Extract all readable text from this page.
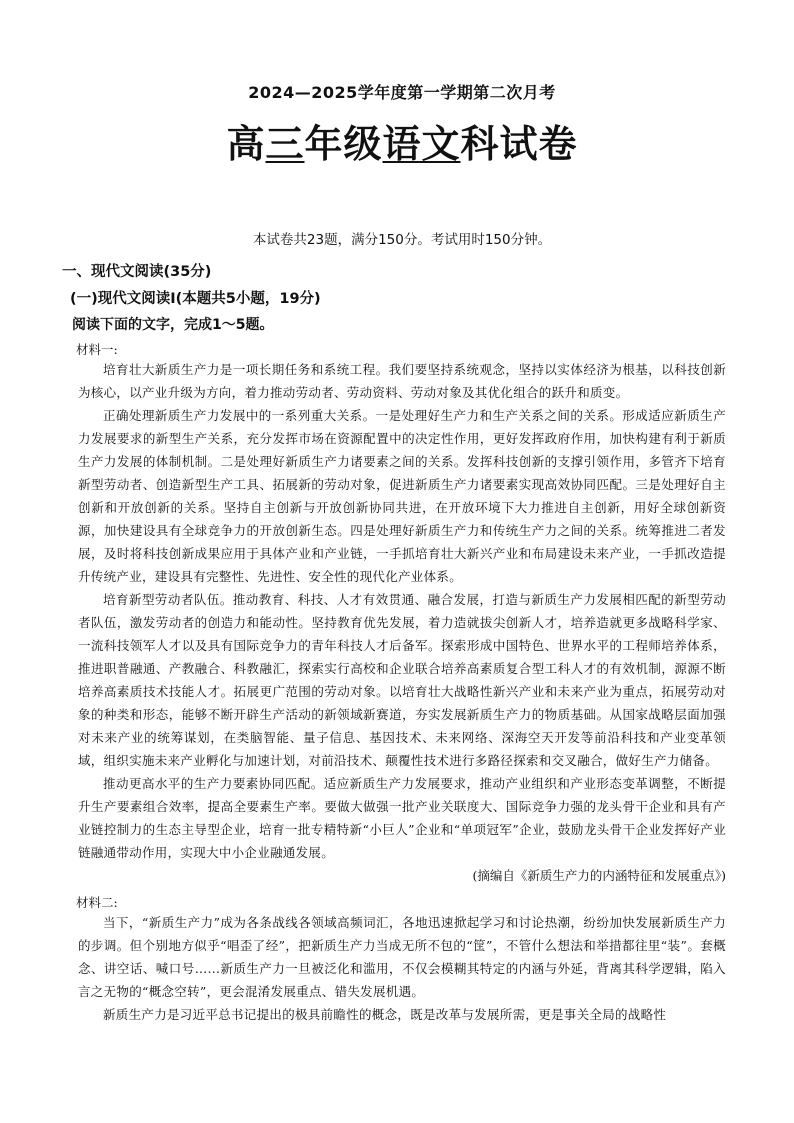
2024—2025学年度第一学期第二次月考
高三年级语文科试卷
本试卷共23题，满分150分。考试用时150分钟。
一、现代文阅读(35分)
(一)现代文阅读Ⅰ(本题共5小题，19分)
阅读下面的文字，完成1～5题。
材料一:

培育壮大新质生产力是一项长期任务和系统工程。我们要坚持系统观念，坚持以实体经济为根基，以科技创新为核心，以产业升级为方向，着力推动劳动者、劳动资料、劳动对象及其优化组合的跃升和质变。

正确处理新质生产力发展中的一系列重大关系。一是处理好生产力和生产关系之间的关系。形成适应新质生产力发展要求的新型生产关系，充分发挥市场在资源配置中的决定性作用，更好发挥政府作用，加快构建有利于新质生产力发展的体制机制。二是处理好新质生产力诸要素之间的关系。发挥科技创新的支撑引领作用，多管齐下培育新型劳动者、创造新型生产工具、拓展新的劳动对象，促进新质生产力诸要素实现高效协同匹配。三是处理好自主创新和开放创新的关系。坚持自主创新与开放创新协同共进，在开放环境下大力推进自主创新，用好全球创新资源，加快建设具有全球竞争力的开放创新生态。四是处理好新质生产力和传统生产力之间的关系。统筹推进二者发展，及时将科技创新成果应用于具体产业和产业链，一手抓培育壮大新兴产业和布局建设未来产业，一手抓改造提升传统产业，建设具有完整性、先进性、安全性的现代化产业体系。

培育新型劳动者队伍。推动教育、科技、人才有效贯通、融合发展，打造与新质生产力发展相匹配的新型劳动者队伍，激发劳动者的创造力和能动性。坚持教育优先发展，着力造就拔尖创新人才，培养造就更多战略科学家、一流科技领军人才以及具有国际竞争力的青年科技人才后备军。探索形成中国特色、世界水平的工程师培养体系，推进职普融通、产教融合、科教融汇，探索实行高校和企业联合培养高素质复合型工科人才的有效机制，源源不断培养高素质技术技能人才。拓展更广范围的劳动对象。以培育壮大战略性新兴产业和未来产业为重点，拓展劳动对象的种类和形态，能够不断开辟生产活动的新领域新赛道，夯实发展新质生产力的物质基础。从国家战略层面加强对未来产业的统筹谋划，在类脑智能、量子信息、基因技术、未来网络、深海空天开发等前沿科技和产业变革领域，组织实施未来产业孵化与加速计划，对前沿技术、颠覆性技术进行多路径探索和交叉融合，做好生产力储备。

推动更高水平的生产力要素协同匹配。适应新质生产力发展要求，推动产业组织和产业形态变革调整，不断提升生产要素组合效率，提高全要素生产率。要做大做强一批产业关联度大、国际竞争力强的龙头骨干企业和具有产业链控制力的生态主导型企业，培育一批专精特新“小巨人”企业和“单项冠军”企业，鼓励龙头骨干企业发挥好产业链融通带动作用，实现大中小企业融通发展。

(摘编自《新质生产力的内涵特征和发展重点》)

材料二:

当下，“新质生产力”成为各条战线各领域高频词汇，各地迅速掀起学习和讨论热潮，纷纷加快发展新质生产力的步调。但个别地方似乎“唱歪了经”，把新质生产力当成无所不包的“筐”，不管什么想法和举措都往里“装”。套概念、讲空话、喊口号……新质生产力一旦被泛化和滥用，不仅会模糊其特定的内涵与外延，背离其科学逻辑，陷入言之无物的“概念空转”，更会混淆发展重点、错失发展机遇。

新质生产力是习近平总书记提出的极具前瞻性的概念，既是改革与发展所需，更是事关全局的战略性
